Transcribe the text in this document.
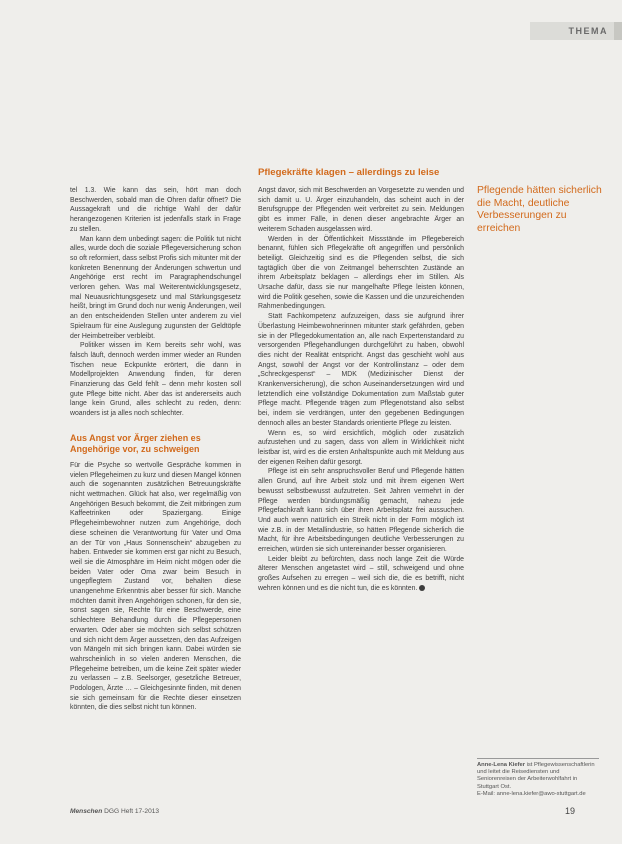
THEMA
Pflegekräfte klagen – allerdings zu leise

tel 1.3. Wie kann das sein, hört man doch Beschwerden, sobald man die Ohren dafür öffnet? Die Aussagekraft und die richtige Wahl der dafür herangezogenen Kriterien ist jedenfalls stark in Frage zu stellen.

Man kann dem unbedingt sagen: die Politik tut nicht alles, wurde doch die soziale Pflegeversicherung schon so oft reformiert, dass selbst Profis sich mitunter mit der konkreten Benennung der Änderungen schwertun und Angehörige erst recht im Paragraphendschungel verloren gehen. Was mal Weiterentwicklungsgesetz, mal Neuausrichtungsgesetz und mal Stärkungsgesetz heißt, bringt im Grund doch nur wenig Änderungen, weil an den entscheidenden Stellen unter anderem zu viel Spielraum für eine Auslegung zugunsten der Geldtöpfe der Heimbetreiber verbleibt.

Politiker wissen im Kern bereits sehr wohl, was falsch läuft, dennoch werden immer wieder an Runden Tischen neue Eckpunkte erörtert, die dann in Modellprojekten Anwendung finden, für deren Finanzierung das Geld fehlt – denn mehr kosten soll gute Pflege bitte nicht. Aber das ist andererseits auch lange kein Grund, alles schlecht zu reden, denn: woanders ist ja alles noch schlechter.

Aus Angst vor Ärger ziehen es Angehörige vor, zu schweigen

Für die Psyche so wertvolle Gespräche kommen in vielen Pflegeheimen zu kurz und diesen Mangel können auch die sogenannten zusätzlichen Betreuungskräfte nicht wettmachen. Glück hat also, wer regelmäßig von Angehörigen Besuch bekommt, die Zeit mitbringen zum Kaffeetrinken oder Spaziergang. Einige Pflegeheimbewohner nutzen zum Angehörige, doch diese scheinen die Verantwortung für Vater und Oma an der Tür von „Haus Sonnenschein“ abzugeben zu haben. Entweder sie kommen erst gar nicht zu Besuch, weil sie die Atmosphäre im Heim nicht mögen oder die beiden Vater oder Oma zwar beim Besuch in ungepflegtem Zustand vor, behalten diese unangenehme Erkenntnis aber besser für sich. Manche möchten damit ihren Angehörigen schonen, für den sie, sonst sagen sie, Rechte für eine Beschwerde, eine schlechtere Behandlung durch die Pflegepersonen erwarten. Oder aber sie möchten sich selbst schützen und sich nicht dem Ärger aussetzen, den das Aufzeigen von Mängeln mit sich bringen kann. Dabei würden sie wahrscheinlich in so vielen anderen Menschen, die Pflegeheime betreiben, um die keine Zeit später wieder zu verlassen – z.B. Seelsorger, gesetzliche Betreuer, Podologen, Ärzte … – Gleichgesinnte finden, mit denen sie sich gemeinsam für die Rechte dieser einsetzen könnten, die dies selbst nicht tun können.

Angst davor, sich mit Beschwerden an Vorgesetzte zu wenden und sich damit u. U. Ärger einzuhandeln, das scheint auch in der Berufsgruppe der Pflegenden weit verbreitet zu sein. Meldungen gibt es immer Fälle, in denen dieser angebrachte Ärger an weiterem Schaden ausgelassen wird.

Werden in der Öffentlichkeit Missstände im Pflegebereich benannt, fühlen sich Pflegekräfte oft angegriffen und persönlich beteiligt. Gleichzeitig sind es die Pflegenden selbst, die sich tagtäglich über die von Zeitmangel beherrschten Zustände an ihrem Arbeitsplatz beklagen – allerdings eher im Stillen. Als Ursache dafür, dass sie nur mangelhafte Pflege leisten können, wird die Politik gesehen, sowie die Kassen und die unzureichenden Rahmenbedingungen.

Statt Fachkompetenz aufzuzeigen, dass sie aufgrund ihrer Überlastung Heimbewohnerinnen mitunter stark gefährden, geben sie in der Pflegedokumentation an, alle nach Expertenstandard zu versorgenden Pflegehandlungen durchgeführt zu haben, obwohl dies nicht der Realität entspricht. Angst das geschieht wohl aus Angst, sowohl der Angst vor der Kontrollinstanz – oder dem „Schreckgespenst“ – MDK (Medizinischer Dienst der Krankenversicherung), die schon Auseinandersetzungen wird und letztendlich eine vollständige Dokumentation zum Maßstab guter Pflege macht. Pflegende trägen zum Pflegenotstand also selbst bei, indem sie verdrängen, unter den gegebenen Bedingungen dennoch alles an bester Standards orientierte Pflege zu leisten.

Wenn es, so wird ersichtlich, möglich oder zusätzlich aufzustehen und zu sagen, dass von allem in Wirklichkeit nicht leistbar ist, wird es die ersten Anhaltspunkte auch mit Meldung aus der eigenen Reihen dafür gesorgt.

Pflege ist ein sehr anspruchsvoller Beruf und Pflegende hätten allen Grund, auf ihre Arbeit stolz und mit ihrem eigenen Wert bewusst selbstbewusst aufzutreten. Seit Jahren vermehrt in der Pflege werden bündungsmäßig gemacht, nahezu jede Pflegefachkraft kann sich über ihren Arbeitsplatz frei aussuchen. Und auch wenn natürlich ein Streik nicht in der Form möglich ist wie z.B. in der Metallindustrie, so hätten Pflegende sicherlich die Macht, für ihre Arbeitsbedingungen deutliche Verbesserungen zu erreichen, würden sie sich untereinander besser organisieren.

Leider bleibt zu befürchten, dass noch lange Zeit die Würde älterer Menschen angetastet wird – still, schweigend und ohne großes Aufsehen zu erregen – weil sich die, die es betrifft, nicht wehren können und es die nicht tun, die es könnten.

Pflegende hätten sicherlich die Macht, deutliche Verbesserungen zu erreichen
Anne-Lena Kiefer ist Pflegewissenschaftlerin und leitet die Reisediensten und Seniorenreisen der Arbeiterwohlfahrt in Stuttgart Ost.
E-Mail: anne-lena.kiefer@awo-stuttgart.de
Menschen DGG Heft 17-2013	19
